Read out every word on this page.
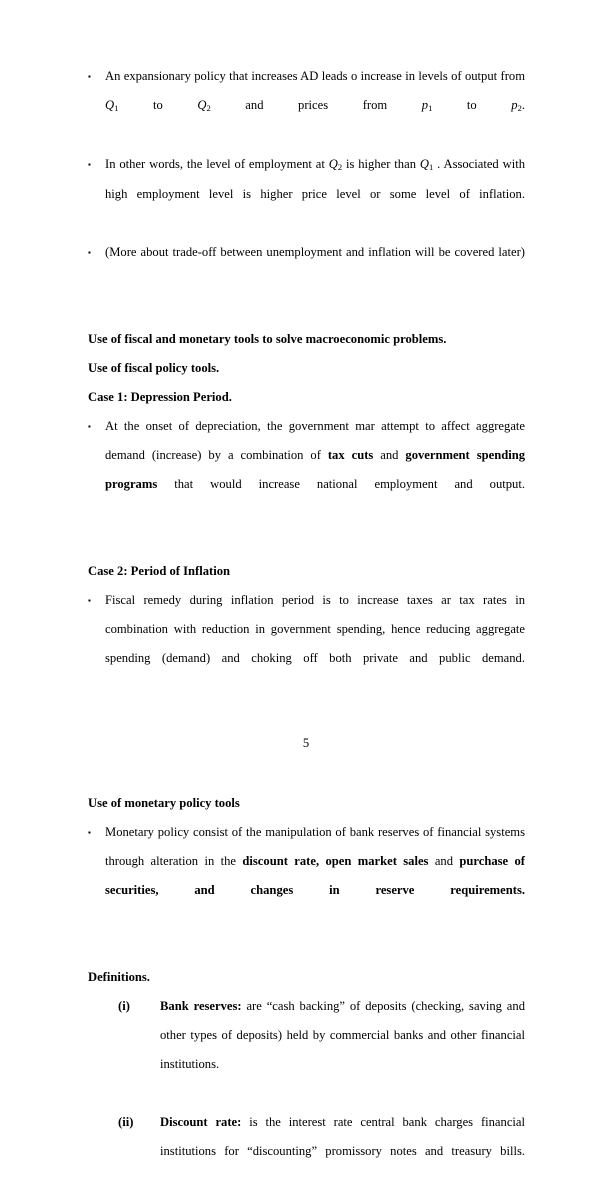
▪ An expansionary policy that increases AD leads o increase in levels of output from $Q_1$ to $Q_2$ and prices from $p_1$ to $p_2$.
▪ In other words, the level of employment at $Q_2$ is higher than $Q_1$ . Associated with high employment level is higher price level or some level of inflation.
▪ (More about trade-off between unemployment and inflation will be covered later)

Use of fiscal and monetary tools to solve macroeconomic problems.

Use of fiscal policy tools.

Case 1: Depression Period.

▪ At the onset of depreciation, the government mar attempt to affect aggregate demand (increase) by a combination of tax cuts and government spending programs that would increase national employment and output.

Case 2: Period of Inflation

▪ Fiscal remedy during inflation period is to increase taxes ar tax rates in combination with reduction in government spending, hence reducing aggregate spending (demand) and choking off both private and public demand.

Use of monetary policy tools

▪ Monetary policy consist of the manipulation of bank reserves of financial systems through alteration in the discount rate, open market sales and purchase of securities, and changes in reserve requirements.

Definitions.

(i) Bank reserves: are “cash backing” of deposits (checking, saving and other types of deposits) held by commercial banks and other financial institutions.
(ii) Discount rate: is the interest rate central bank charges financial institutions for “discounting” promissory notes and treasury bills.
5
